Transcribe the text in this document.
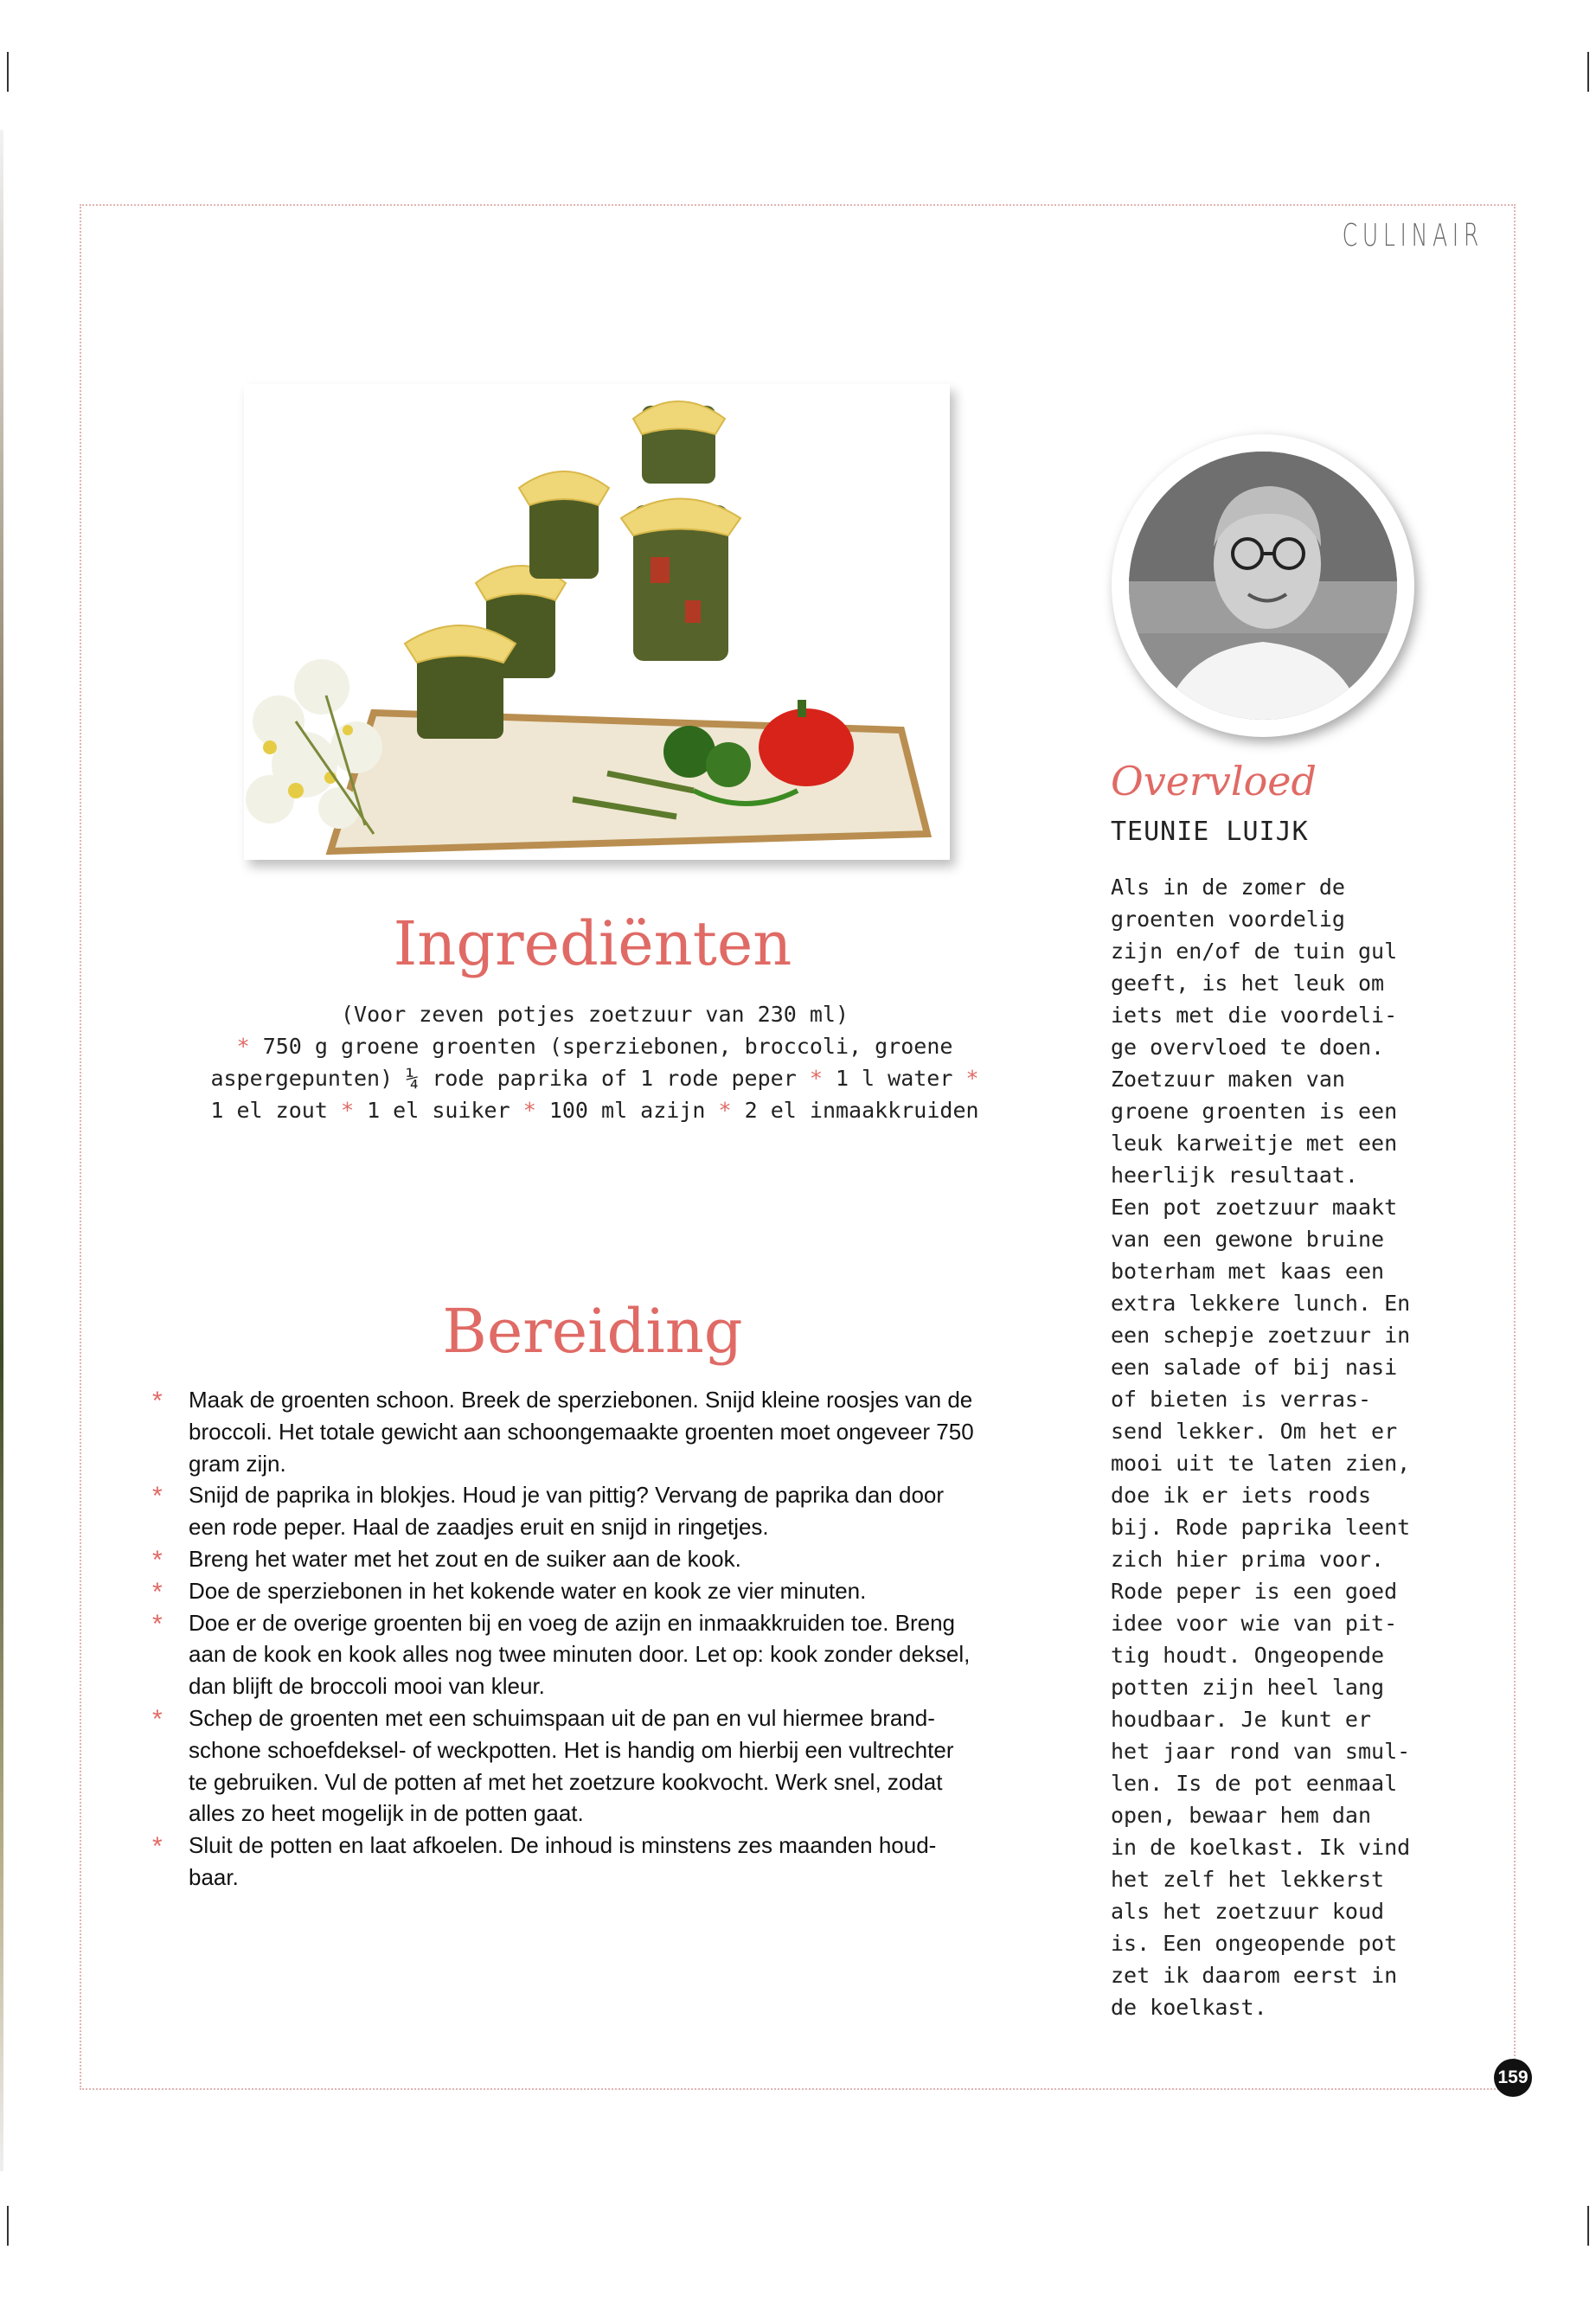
CULINAIR
Overvloed

TEUNIE LUIJK

Als in de zomer de
groenten voordelig
zijn en/of de tuin gul
geeft, is het leuk om
iets met die voordeli-
ge overvloed te doen.
Zoetzuur maken van
groene groenten is een
leuk karweitje met een
heerlijk resultaat.
Een pot zoetzuur maakt
van een gewone bruine
boterham met kaas een
extra lekkere lunch. En
een schepje zoetzuur in
een salade of bij nasi
of bieten is verras-
send lekker. Om het er
mooi uit te laten zien,
doe ik er iets roods
bij. Rode paprika leent
zich hier prima voor.
Rode peper is een goed
idee voor wie van pit-
tig houdt. Ongeopende
potten zijn heel lang
houdbaar. Je kunt er
het jaar rond van smul-
len. Is de pot eenmaal
open, bewaar hem dan
in de koelkast. Ik vind
het zelf het lekkerst
als het zoetzuur koud
is. Een ongeopende pot
zet ik daarom eerst in
de koelkast.
Ingrediënten
(Voor zeven potjes zoetzuur van 230 ml)
* 750 g groene groenten (sperziebonen, broccoli, groene
aspergepunten) ¼ rode paprika of 1 rode peper * 1 l water *
1 el zout * 1 el suiker * 100 ml azijn * 2 el inmaakkruiden
Bereiding
* Maak de groenten schoon. Breek de sperziebonen. Snijd kleine roosjes van de
broccoli. Het totale gewicht aan schoongemaakte groenten moet ongeveer 750
gram zijn.
* Snijd de paprika in blokjes. Houd je van pittig? Vervang de paprika dan door
een rode peper. Haal de zaadjes eruit en snijd in ringetjes.
* Breng het water met het zout en de suiker aan de kook.
* Doe de sperziebonen in het kokende water en kook ze vier minuten.
* Doe er de overige groenten bij en voeg de azijn en inmaakkruiden toe. Breng
aan de kook en kook alles nog twee minuten door. Let op: kook zonder deksel,
dan blijft de broccoli mooi van kleur.
* Schep de groenten met een schuimspaan uit de pan en vul hiermee brand-
schone schoefdeksel- of weckpotten. Het is handig om hierbij een vultrechter
te gebruiken. Vul de potten af met het zoetzure kookvocht. Werk snel, zodat
alles zo heet mogelijk in de potten gaat.
* Sluit de potten en laat afkoelen. De inhoud is minstens zes maanden houd-
baar.
159
